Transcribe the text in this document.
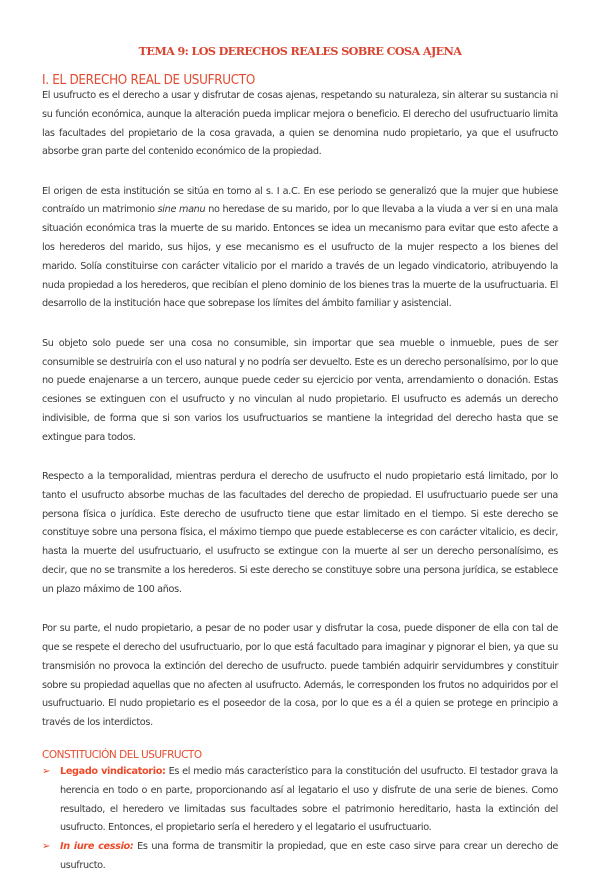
TEMA 9: LOS DERECHOS REALES SOBRE COSA AJENA
I. EL DERECHO REAL DE USUFRUCTO

El usufructo es el derecho a usar y disfrutar de cosas ajenas, respetando su naturaleza, sin alterar su sustancia ni su función económica, aunque la alteración pueda implicar mejora o beneficio. El derecho del usufructuario limita las facultades del propietario de la cosa gravada, a quien se denomina nudo propietario, ya que el usufructo absorbe gran parte del contenido económico de la propiedad.

El origen de esta institución se sitúa en torno al s. I a.C. En ese periodo se generalizó que la mujer que hubiese contraído un matrimonio sine manu no heredase de su marido, por lo que llevaba a la viuda a ver si en una mala situación económica tras la muerte de su marido. Entonces se idea un mecanismo para evitar que esto afecte a los herederos del marido, sus hijos, y ese mecanismo es el usufructo de la mujer respecto a los bienes del marido. Solía constituirse con carácter vitalicio por el marido a través de un legado vindicatorio, atribuyendo la nuda propiedad a los herederos, que recibían el pleno dominio de los bienes tras la muerte de la usufructuaria. El desarrollo de la institución hace que sobrepase los límites del ámbito familiar y asistencial.

Su objeto solo puede ser una cosa no consumible, sin importar que sea mueble o inmueble, pues de ser consumible se destruiría con el uso natural y no podría ser devuelto. Este es un derecho personalísimo, por lo que no puede enajenarse a un tercero, aunque puede ceder su ejercicio por venta, arrendamiento o donación. Estas cesiones se extinguen con el usufructo y no vinculan al nudo propietario. El usufructo es además un derecho indivisible, de forma que si son varios los usufructuarios se mantiene la integridad del derecho hasta que se extingue para todos.

Respecto a la temporalidad, mientras perdura el derecho de usufructo el nudo propietario está limitado, por lo tanto el usufructo absorbe muchas de las facultades del derecho de propiedad. El usufructuario puede ser una persona física o jurídica. Este derecho de usufructo tiene que estar limitado en el tiempo. Si este derecho se constituye sobre una persona física, el máximo tiempo que puede establecerse es con carácter vitalicio, es decir, hasta la muerte del usufructuario, el usufructo se extingue con la muerte al ser un derecho personalísimo, es decir, que no se transmite a los herederos. Si este derecho se constituye sobre una persona jurídica, se establece un plazo máximo de 100 años.

Por su parte, el nudo propietario, a pesar de no poder usar y disfrutar la cosa, puede disponer de ella con tal de que se respete el derecho del usufructuario, por lo que está facultado para imaginar y pignorar el bien, ya que su transmisión no provoca la extinción del derecho de usufructo. puede también adquirir servidumbres y constituir sobre su propiedad aquellas que no afecten al usufructo. Además, le corresponden los frutos no adquiridos por el usufructuario. El nudo propietario es el poseedor de la cosa, por lo que es a él a quien se protege en principio a través de los interdictos.

CONSTITUCIÓN DEL USUFRUCTO
➢ Legado vindicatorio: Es el medio más característico para la constitución del usufructo. El testador grava la herencia en todo o en parte, proporcionando así al legatario el uso y disfrute de una serie de bienes. Como resultado, el heredero ve limitadas sus facultades sobre el patrimonio hereditario, hasta la extinción del usufructo. Entonces, el propietario sería el heredero y el legatario el usufructuario.
➢ In iure cessio: Es una forma de transmitir la propiedad, que en este caso sirve para crear un derecho de usufructo.
